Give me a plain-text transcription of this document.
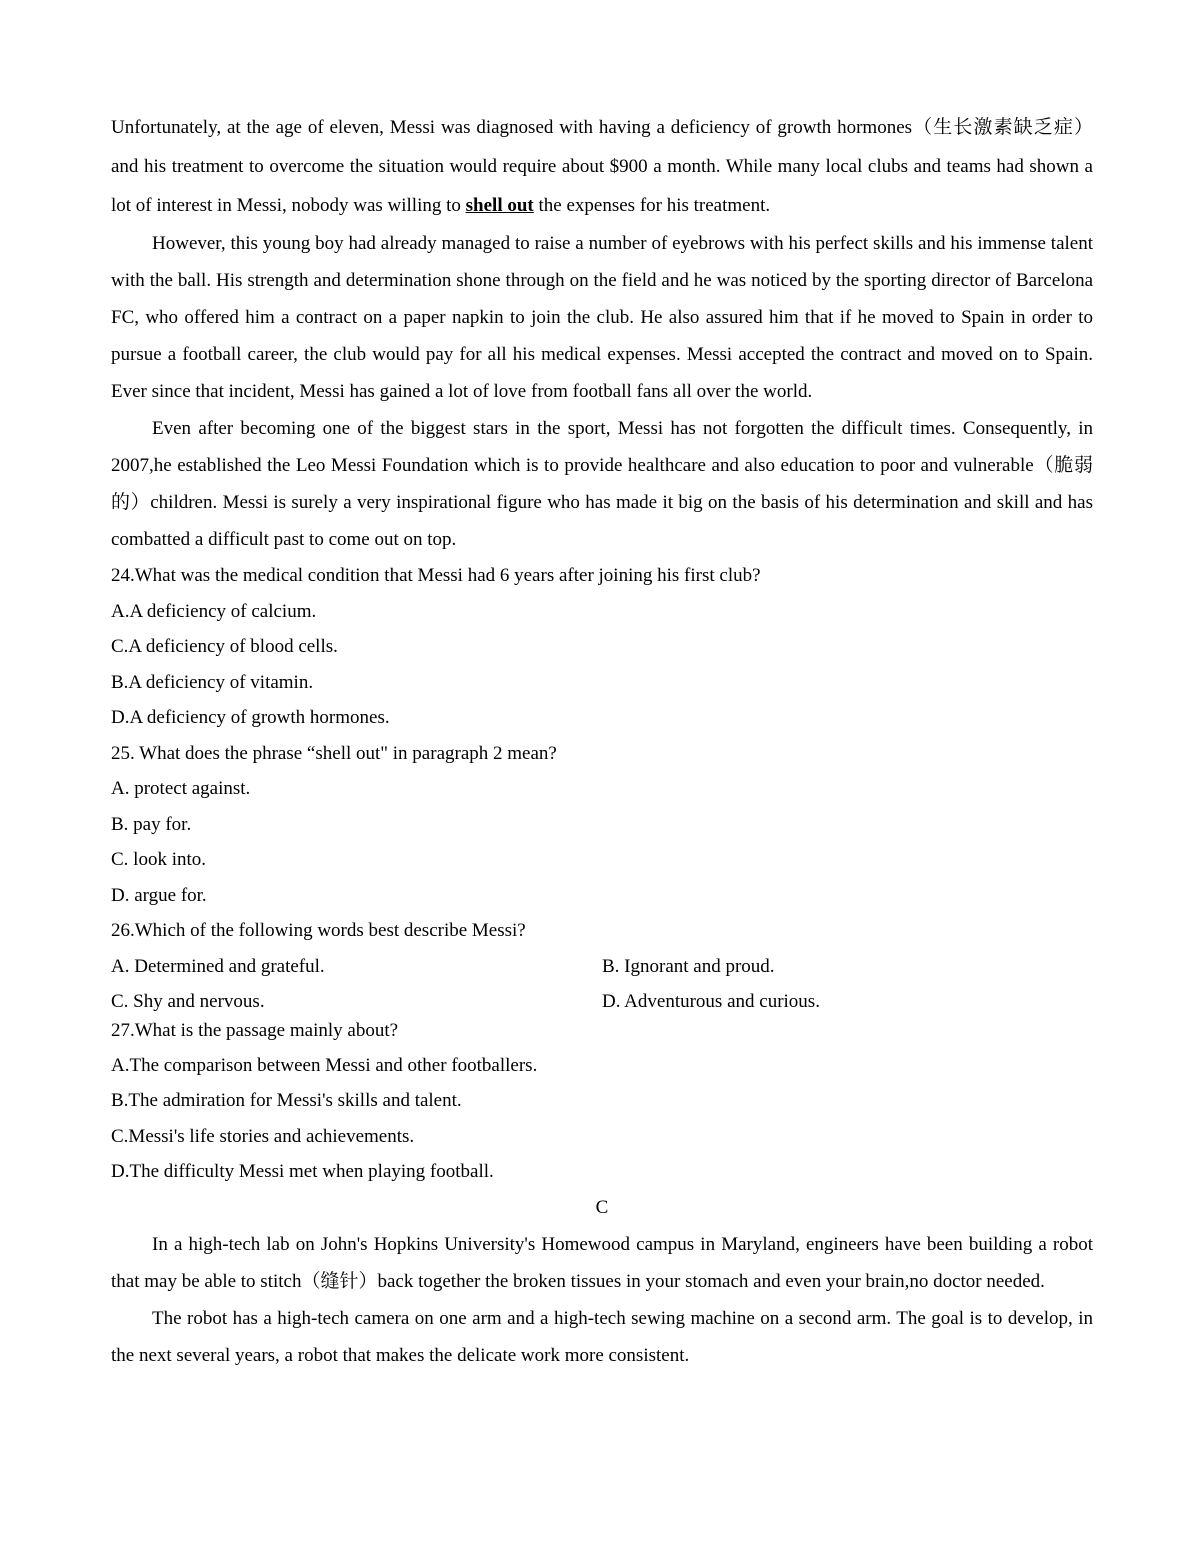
Unfortunately, at the age of eleven, Messi was diagnosed with having a deficiency of growth hormones（生长激素缺乏症）and his treatment to overcome the situation would require about $900 a month. While many local clubs and teams had shown a lot of interest in Messi, nobody was willing to shell out the expenses for his treatment.

However, this young boy had already managed to raise a number of eyebrows with his perfect skills and his immense talent with the ball. His strength and determination shone through on the field and he was noticed by the sporting director of Barcelona FC, who offered him a contract on a paper napkin to join the club. He also assured him that if he moved to Spain in order to pursue a football career, the club would pay for all his medical expenses. Messi accepted the contract and moved on to Spain. Ever since that incident, Messi has gained a lot of love from football fans all over the world.

Even after becoming one of the biggest stars in the sport, Messi has not forgotten the difficult times. Consequently, in 2007,he established the Leo Messi Foundation which is to provide healthcare and also education to poor and vulnerable（脆弱的）children. Messi is surely a very inspirational figure who has made it big on the basis of his determination and skill and has combatted a difficult past to come out on top.

24.What was the medical condition that Messi had 6 years after joining his first club?

A.A deficiency of calcium.

C.A deficiency of blood cells.

B.A deficiency of vitamin.

D.A deficiency of growth hormones.

25. What does the phrase “shell out" in paragraph 2 mean?

A. protect against.

B. pay for.

C. look into.

D. argue for.

26.Which of the following words best describe Messi?

A. Determined and grateful.	B. Ignorant and proud.
C. Shy and nervous.	D. Adventurous and curious.

27.What is the passage mainly about?

A.The comparison between Messi and other footballers.

B.The admiration for Messi's skills and talent.

C.Messi's life stories and achievements.

D.The difficulty Messi met when playing football.

C

In a high-tech lab on John's Hopkins University's Homewood campus in Maryland, engineers have been building a robot that may be able to stitch（缝针）back together the broken tissues in your stomach and even your brain,no doctor needed.

The robot has a high-tech camera on one arm and a high-tech sewing machine on a second arm. The goal is to develop, in the next several years, a robot that makes the delicate work more consistent.
